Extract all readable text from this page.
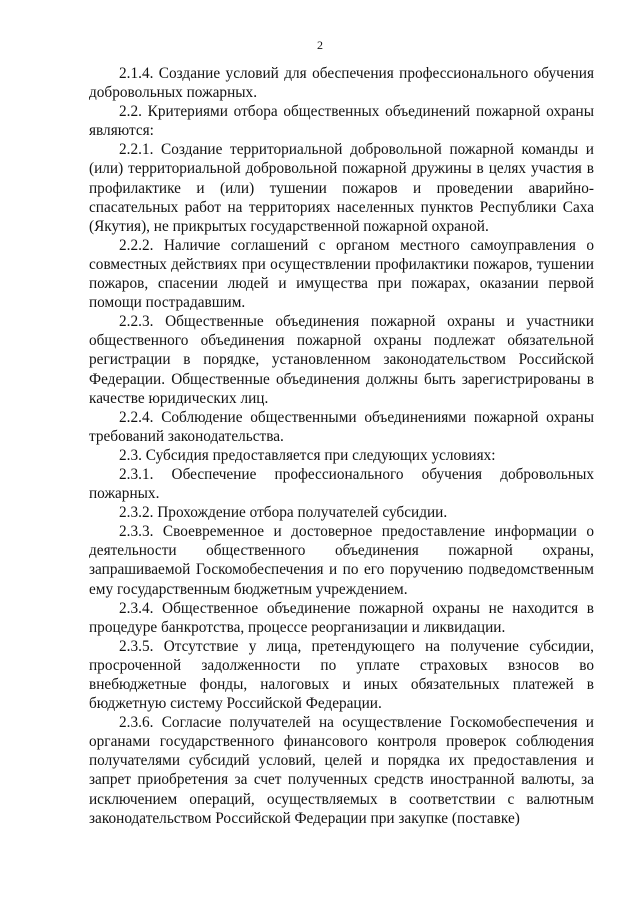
2

2.1.4. Создание условий для обеспечения профессионального обучения добровольных пожарных.

2.2. Критериями отбора общественных объединений пожарной охраны являются:

2.2.1. Создание территориальной добровольной пожарной команды и (или) территориальной добровольной пожарной дружины в целях участия в профилактике и (или) тушении пожаров и проведении аварийно-спасательных работ на территориях населенных пунктов Республики Саха (Якутия), не прикрытых государственной пожарной охраной.

2.2.2. Наличие соглашений с органом местного самоуправления о совместных действиях при осуществлении профилактики пожаров, тушении пожаров, спасении людей и имущества при пожарах, оказании первой помощи пострадавшим.

2.2.3. Общественные объединения пожарной охраны и участники общественного объединения пожарной охраны подлежат обязательной регистрации в порядке, установленном законодательством Российской Федерации. Общественные объединения должны быть зарегистрированы в качестве юридических лиц.

2.2.4. Соблюдение общественными объединениями пожарной охраны требований законодательства.

2.3. Субсидия предоставляется при следующих условиях:

2.3.1. Обеспечение профессионального обучения добровольных пожарных.

2.3.2. Прохождение отбора получателей субсидии.

2.3.3. Своевременное и достоверное предоставление информации о деятельности общественного объединения пожарной охраны, запрашиваемой Госкомобеспечения и по его поручению подведомственным ему государственным бюджетным учреждением.

2.3.4. Общественное объединение пожарной охраны не находится в процедуре банкротства, процессе реорганизации и ликвидации.

2.3.5. Отсутствие у лица, претендующего на получение субсидии, просроченной задолженности по уплате страховых взносов во внебюджетные фонды, налоговых и иных обязательных платежей в бюджетную систему Российской Федерации.

2.3.6. Согласие получателей на осуществление Госкомобеспечения и органами государственного финансового контроля проверок соблюдения получателями субсидий условий, целей и порядка их предоставления и запрет приобретения за счет полученных средств иностранной валюты, за исключением операций, осуществляемых в соответствии с валютным законодательством Российской Федерации при закупке (поставке)
